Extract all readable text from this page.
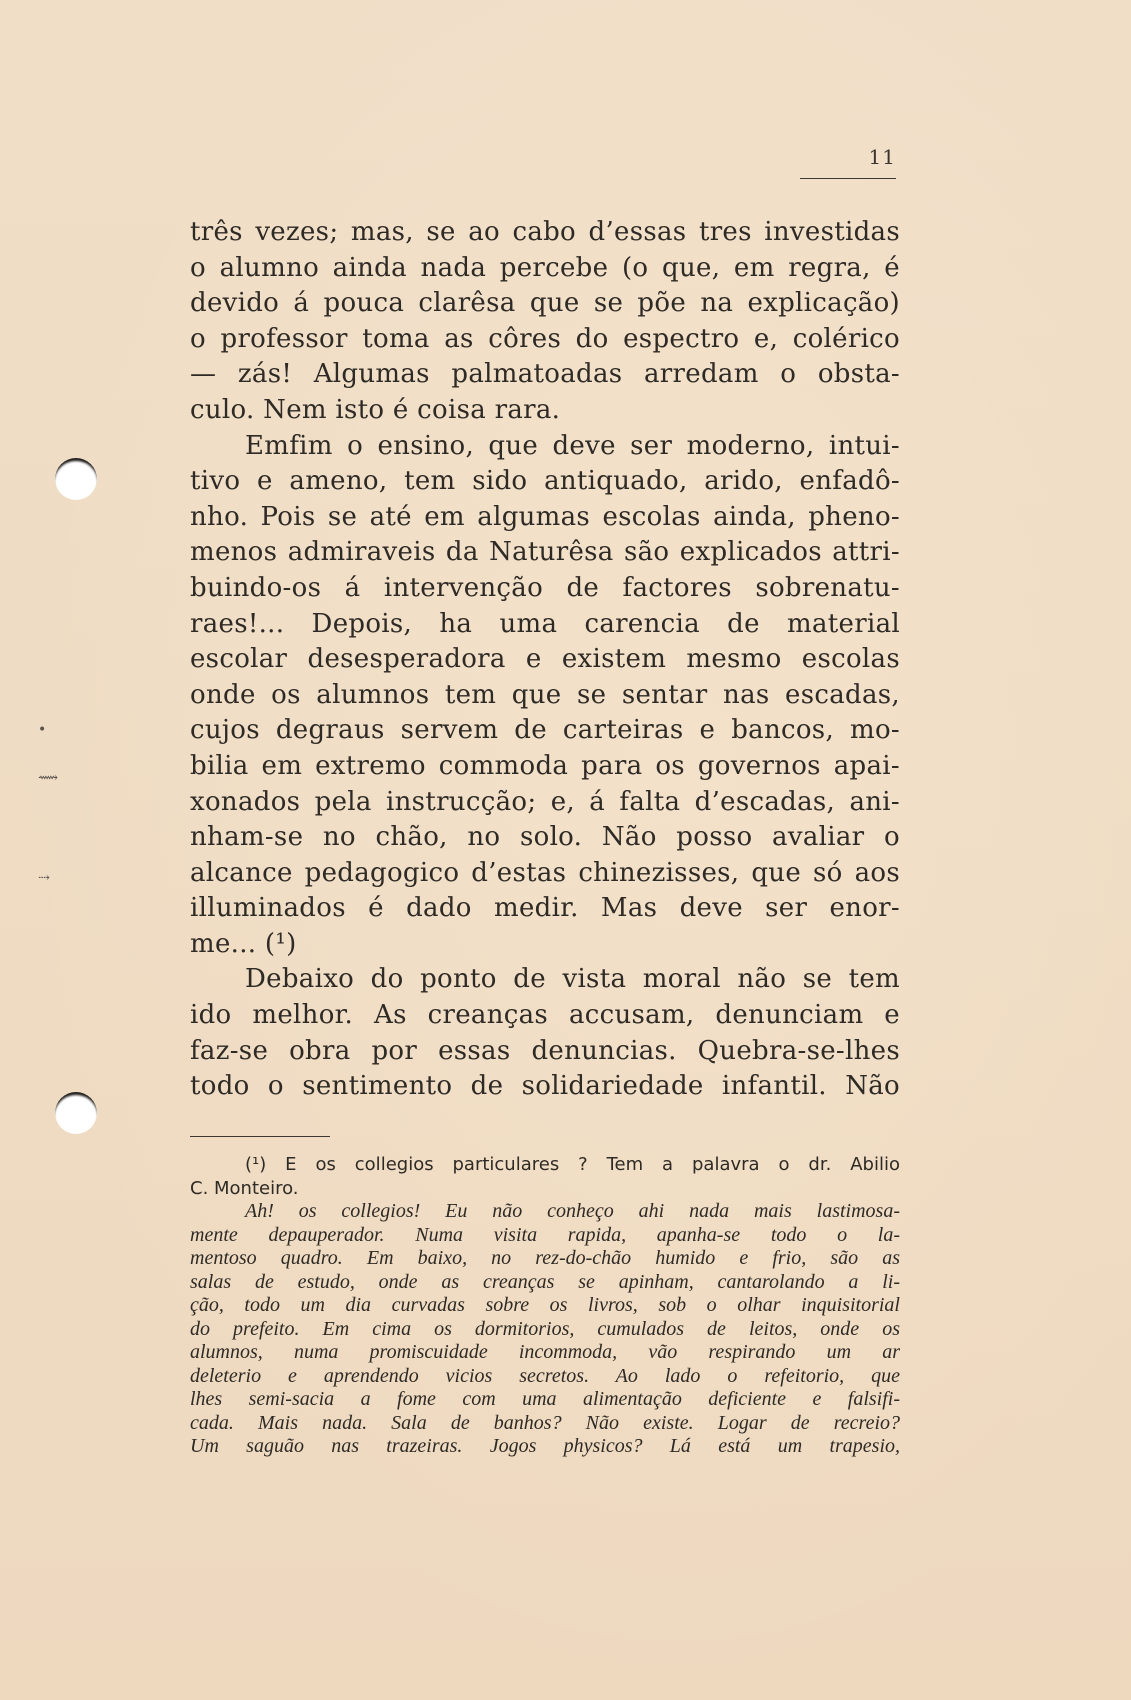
•
⟿
⇢
11
três vezes; mas, se ao cabo d’essas tres investidas
o alumno ainda nada percebe (o que, em regra, é
devido á pouca clarêsa que se põe na explicação)
o professor toma as côres do espectro e, colérico
— zás! Algumas palmatoadas arredam o obsta-
culo. Nem isto é coisa rara.
Emfim o ensino, que deve ser moderno, intui-
tivo e ameno, tem sido antiquado, arido, enfadô-
nho. Pois se até em algumas escolas ainda, pheno-
menos admiraveis da Naturêsa são explicados attri-
buindo-os á intervenção de factores sobrenatu-
raes!... Depois, ha uma carencia de material
escolar desesperadora e existem mesmo escolas
onde os alumnos tem que se sentar nas escadas,
cujos degraus servem de carteiras e bancos, mo-
bilia em extremo commoda para os governos apai-
xonados pela instrucção; e, á falta d’escadas, ani-
nham-se no chão, no solo. Não posso avaliar o
alcance pedagogico d’estas chinezisses, que só aos
illuminados é dado medir. Mas deve ser enor-
me... (¹)
Debaixo do ponto de vista moral não se tem
ido melhor. As creanças accusam, denunciam e
faz-se obra por essas denuncias. Quebra-se-lhes
todo o sentimento de solidariedade infantil. Não
(¹) E os collegios particulares ? Tem a palavra o dr. Abilio
C. Monteiro.
Ah! os collegios! Eu não conheço ahi nada mais lastimosa-
mente depauperador. Numa visita rapida, apanha-se todo o la-
mentoso quadro. Em baixo, no rez-do-chão humido e frio, são as
salas de estudo, onde as creanças se apinham, cantarolando a li-
ção, todo um dia curvadas sobre os livros, sob o olhar inquisitorial
do prefeito. Em cima os dormitorios, cumulados de leitos, onde os
alumnos, numa promiscuidade incommoda, vão respirando um ar
deleterio e aprendendo vicios secretos. Ao lado o refeitorio, que
lhes semi-sacia a fome com uma alimentação deficiente e falsifi-
cada. Mais nada. Sala de banhos? Não existe. Logar de recreio?
Um saguão nas trazeiras. Jogos physicos? Lá está um trapesio,
